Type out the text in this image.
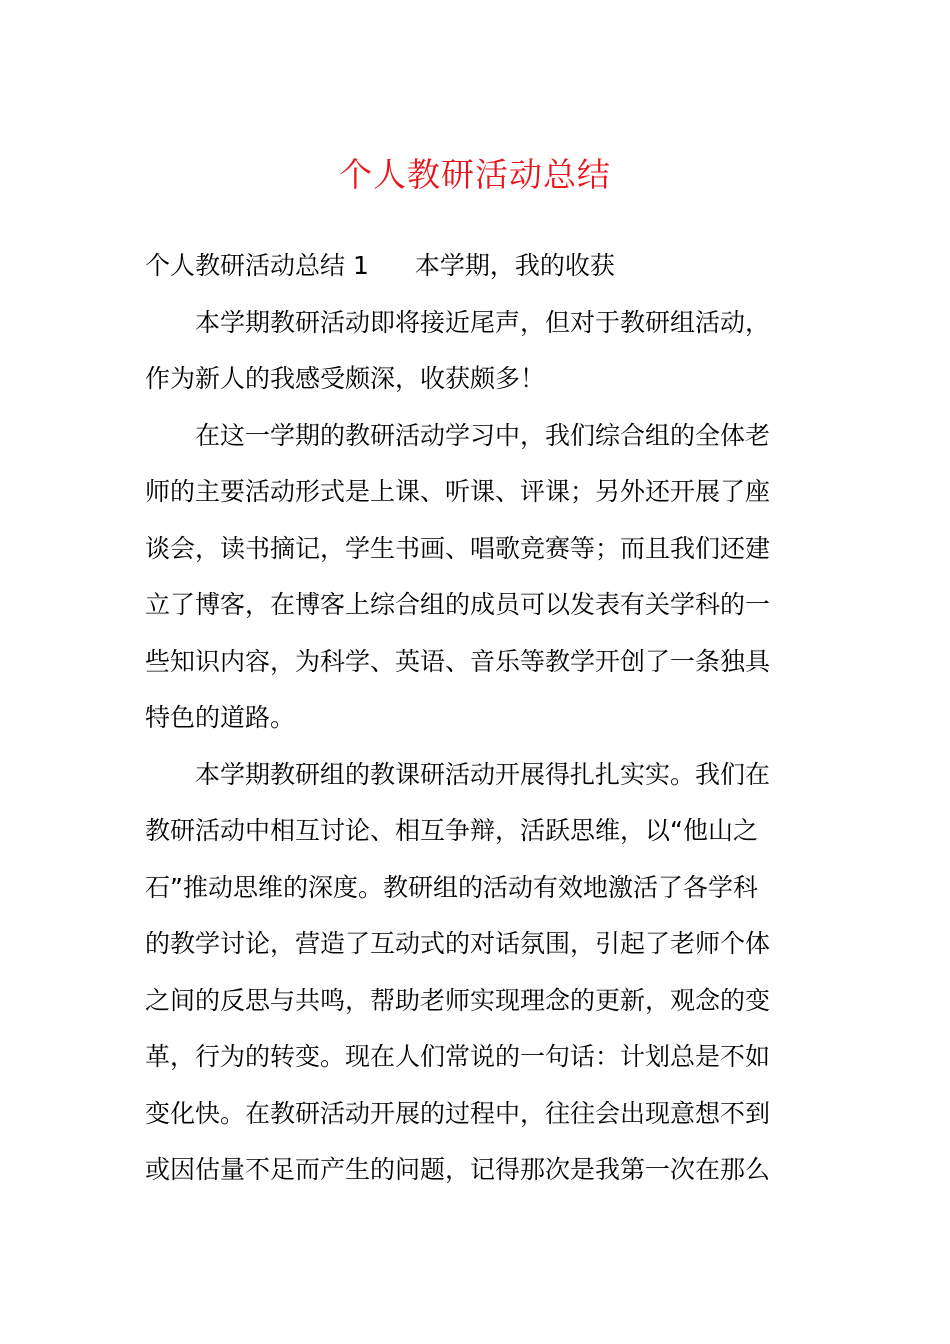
个人教研活动总结
个人教研活动总结 1 本学期，我的收获
本学期教研活动即将接近尾声，但对于教研组活动，
作为新人的我感受颇深，收获颇多！
在这一学期的教研活动学习中，我们综合组的全体老
师的主要活动形式是上课、听课、评课；另外还开展了座
谈会，读书摘记，学生书画、唱歌竞赛等；而且我们还建
立了博客，在博客上综合组的成员可以发表有关学科的一
些知识内容，为科学、英语、音乐等教学开创了一条独具
特色的道路。
本学期教研组的教课研活动开展得扎扎实实。我们在
教研活动中相互讨论、相互争辩，活跃思维，以“他山之
石”推动思维的深度。教研组的活动有效地激活了各学科
的教学讨论，营造了互动式的对话氛围，引起了老师个体
之间的反思与共鸣，帮助老师实现理念的更新，观念的变
革，行为的转变。现在人们常说的一句话：计划总是不如
变化快。在教研活动开展的过程中，往往会出现意想不到
或因估量不足而产生的问题，记得那次是我第一次在那么
